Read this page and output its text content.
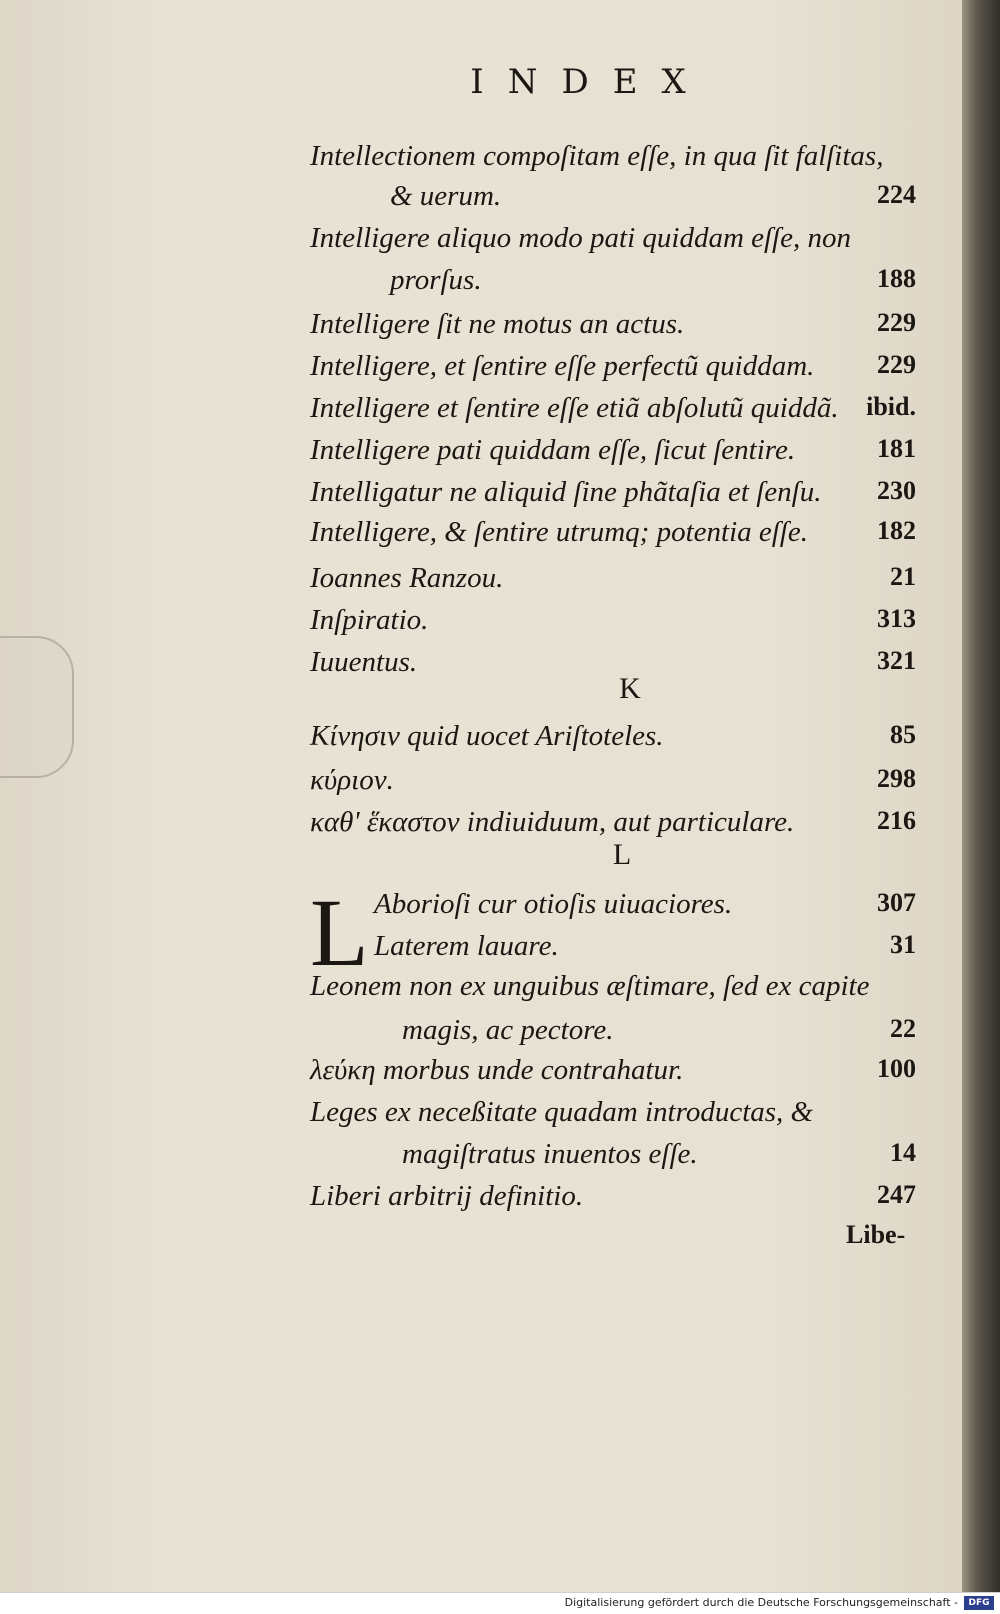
INDEX
Intellectionem compoſitam eſſe, in qua ſit falſitas,
& uerum.	224
Intelligere aliquo modo pati quiddam eſſe, non
prorſus.	188
Intelligere ſit ne motus an actus.	229
Intelligere, et ſentire eſſe perfectũ quiddam. 229
Intelligere et ſentire eſſe etiã abſolutũ quiddã. ibid.
Intelligere pati quiddam eſſe, ſicut ſentire.	181
Intelligatur ne aliquid ſine phãtaſia et ſenſu. 230
Intelligere, & ſentire utrumq; potentia eſſe.	182
Ioannes Ranzou.	21
Inſpiratio.	313
Iuuentus.	321
K
Κίνησιν quid uocet Ariſtoteles.	85
κύριον.	298
καθ' ἕκαστον indiuiduum, aut particulare.	216
L
L Aborioſi cur otioſis uiuaciores.	307
Laterem lauare.	31
Leonem non ex unguibus æſtimare, ſed ex capite
magis, ac pectore.	22
λεύκη morbus unde contrahatur.	100
Leges ex neceßitate quadam introductas, &
magiſtratus inuentos eſſe.	14
Liberi arbitrij definitio.	247
Libe-
Digitalisierung gefördert durch die Deutsche Forschungsgemeinschaft -	DFG
